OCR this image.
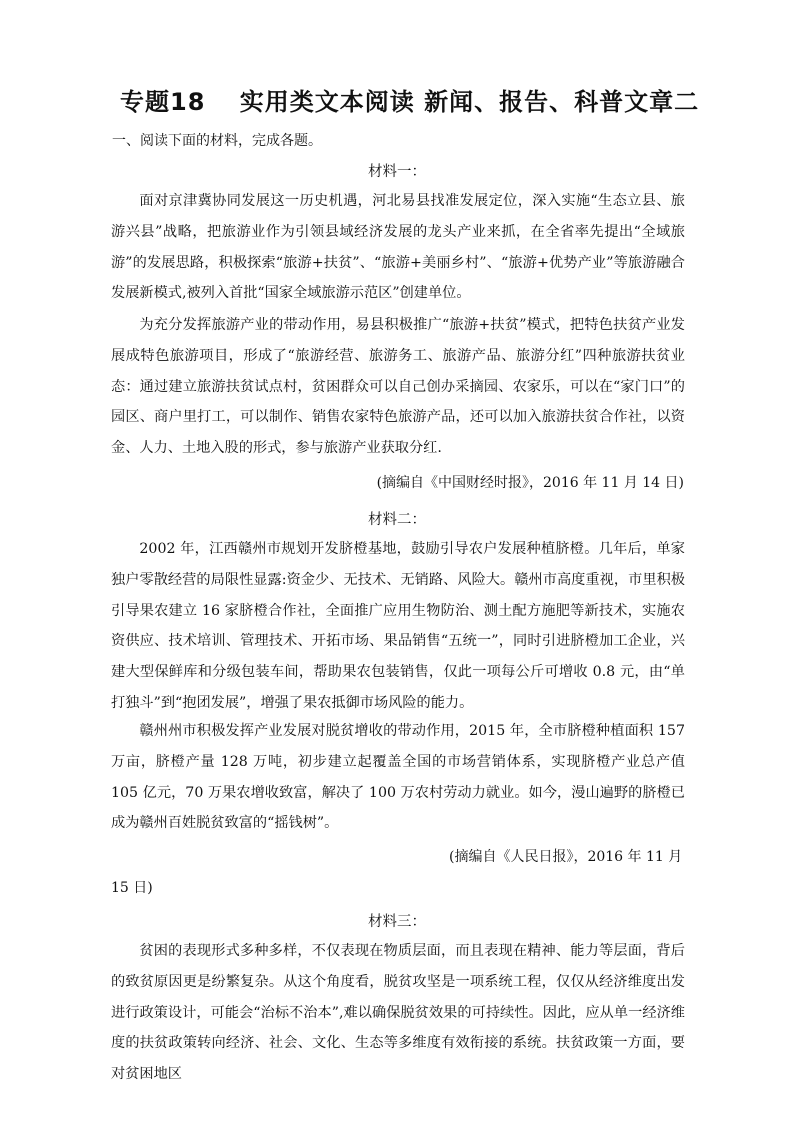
专题18　 实用类文本阅读 新闻、报告、科普文章二
一、阅读下面的材料，完成各题。
材料一：

面对京津冀协同发展这一历史机遇，河北易县找准发展定位，深入实施“生态立县、旅游兴县”战略，把旅游业作为引领县域经济发展的龙头产业来抓，在全省率先提出“全域旅游”的发展思路，积极探索“旅游+扶贫”、“旅游+美丽乡村”、“旅游+优势产业”等旅游融合发展新模式,被列入首批“国家全域旅游示范区”创建单位。

为充分发挥旅游产业的带动作用，易县积极推广“旅游+扶贫”模式，把特色扶贫产业发展成特色旅游项目，形成了“旅游经营、旅游务工、旅游产品、旅游分红”四种旅游扶贫业态：通过建立旅游扶贫试点村，贫困群众可以自己创办采摘园、农家乐，可以在“家门口”的园区、商户里打工，可以制作、销售农家特色旅游产品，还可以加入旅游扶贫合作社，以资金、人力、土地入股的形式，参与旅游产业获取分红.

(摘编自《中国财经时报》，2016 年 11 月 14 日)
材料二：

2002 年，江西赣州市规划开发脐橙基地，鼓励引导农户发展种植脐橙。几年后，单家独户零散经营的局限性显露:资金少、无技术、无销路、风险大。赣州市高度重视，市里积极引导果农建立 16 家脐橙合作社，全面推广应用生物防治、测土配方施肥等新技术，实施农资供应、技术培训、管理技术、开拓市场、果品销售“五统一”，同时引进脐橙加工企业，兴建大型保鲜库和分级包装车间，帮助果农包装销售，仅此一项每公斤可增收 0.8 元，由“单打独斗”到“抱团发展”，增强了果农抵御市场风险的能力。

赣州州市积极发挥产业发展对脱贫增收的带动作用，2015 年，全市脐橙种植面积 157 万亩，脐橙产量 128 万吨，初步建立起覆盖全国的市场营销体系，实现脐橙产业总产值 105 亿元，70 万果农增收致富，解决了 100 万农村劳动力就业。如今，漫山遍野的脐橙已成为赣州百姓脱贫致富的“摇钱树”。

(摘编自《人民日报》，2016 年 11 月 15 日)

材料三：

贫困的表现形式多种多样，不仅表现在物质层面，而且表现在精神、能力等层面，背后的致贫原因更是纷繁复杂。从这个角度看，脱贫攻坚是一项系统工程，仅仅从经济维度出发进行政策设计，可能会“治标不治本”,难以确保脱贫效果的可持续性。因此，应从单一经济维度的扶贫政策转向经济、社会、文化、生态等多维度有效衔接的系统。扶贫政策一方面，要对贫困地区
